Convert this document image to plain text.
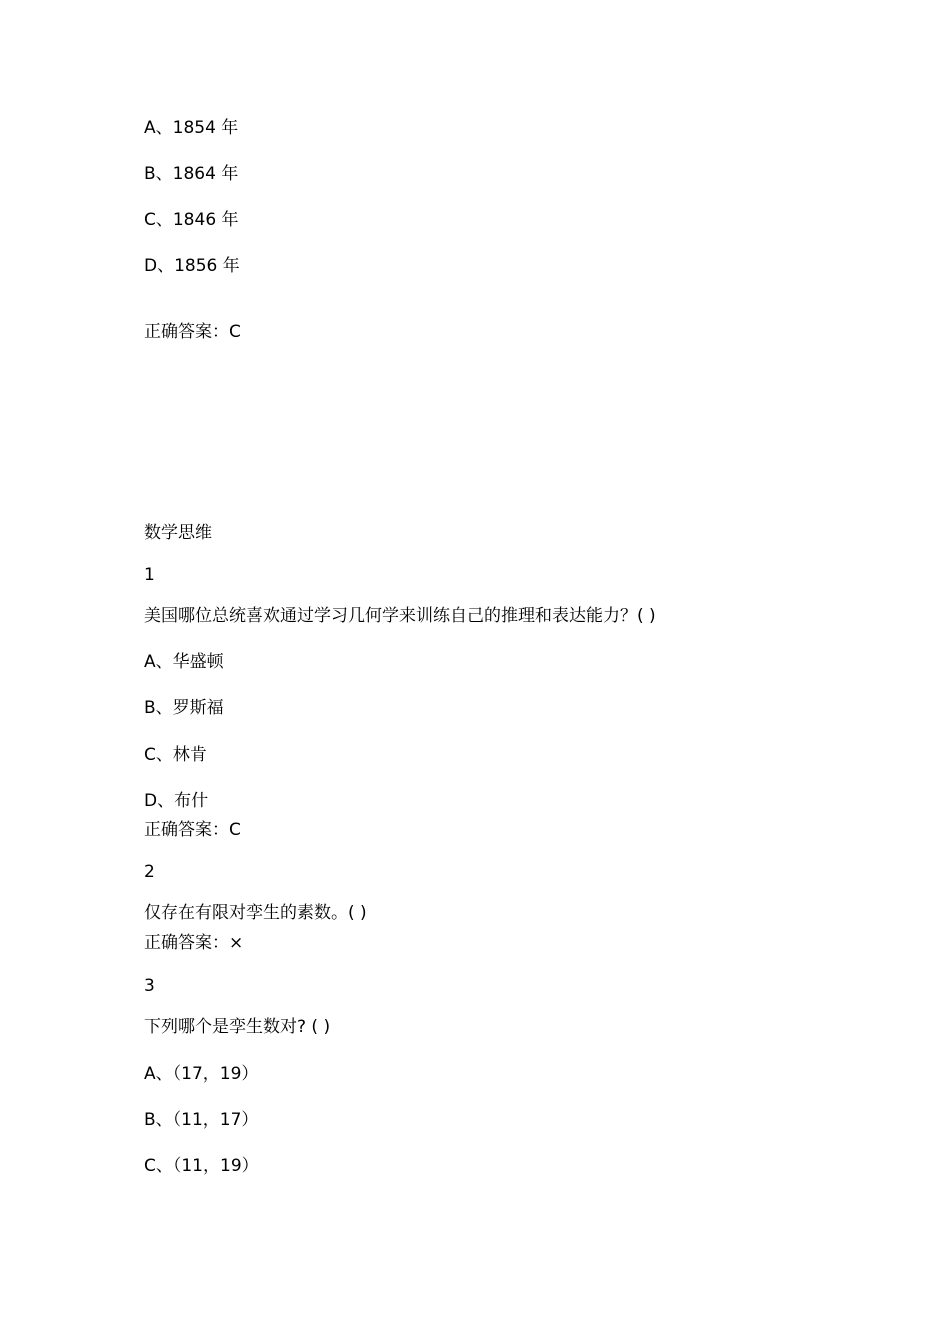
A、1854 年
B、1864 年
C、1846 年
D、1856 年
正确答案：C
数学思维
1
美国哪位总统喜欢通过学习几何学来训练自己的推理和表达能力？( )
A、华盛顿
B、罗斯福
C、林肯
D、布什
正确答案：C
2
仅存在有限对孪生的素数。( )
正确答案：×
3
下列哪个是孪生数对? ( )
A、（17，19）
B、（11，17）
C、（11，19）
